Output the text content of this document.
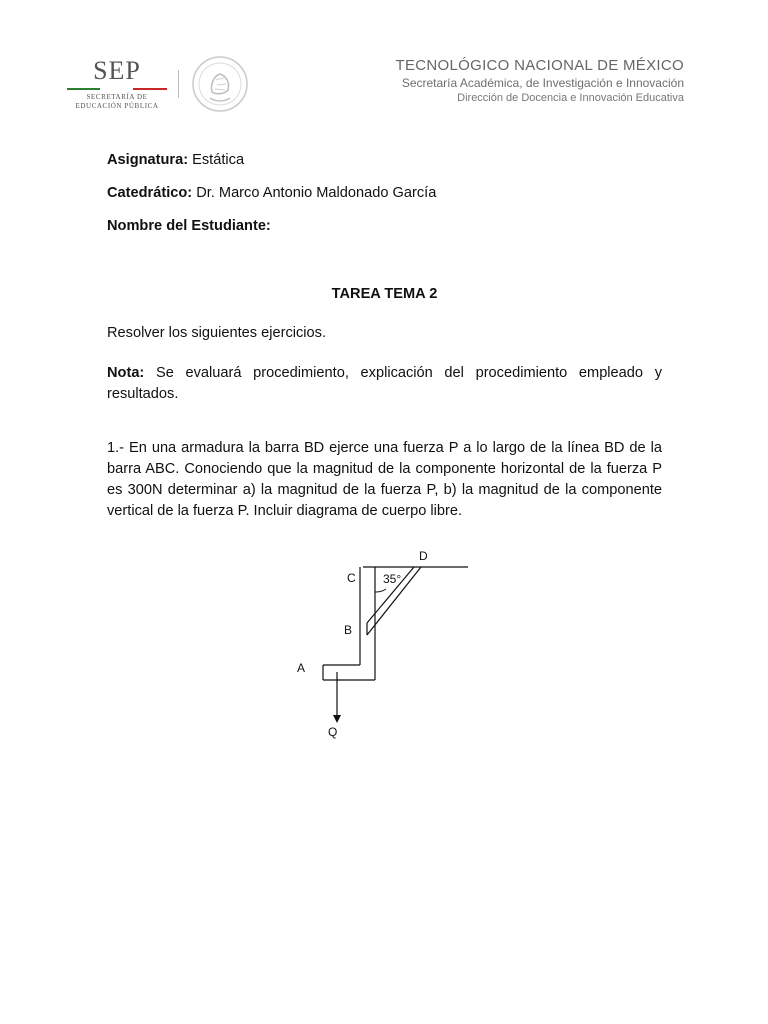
SEP
SECRETARÍA DE
EDUCACIÓN PÚBLICA
TECNOLÓGICO NACIONAL DE MÉXICO
Secretaría Académica, de Investigación e Innovación
Dirección de Docencia e Innovación Educativa

Asignatura: Estática

Catedrático: Dr. Marco Antonio Maldonado García

Nombre del Estudiante:

TAREA TEMA 2

Resolver los siguientes ejercicios.

Nota: Se evaluará procedimiento, explicación del procedimiento empleado y resultados.

1.- En una armadura la barra BD ejerce una fuerza P a lo largo de la línea BD de la barra ABC. Conociendo que la magnitud de la componente horizontal de la fuerza P es 300N determinar a) la magnitud de la fuerza P, b) la magnitud de la componente vertical de la fuerza P. Incluir diagrama de cuerpo libre.

D
C 35°
B
A
Q
